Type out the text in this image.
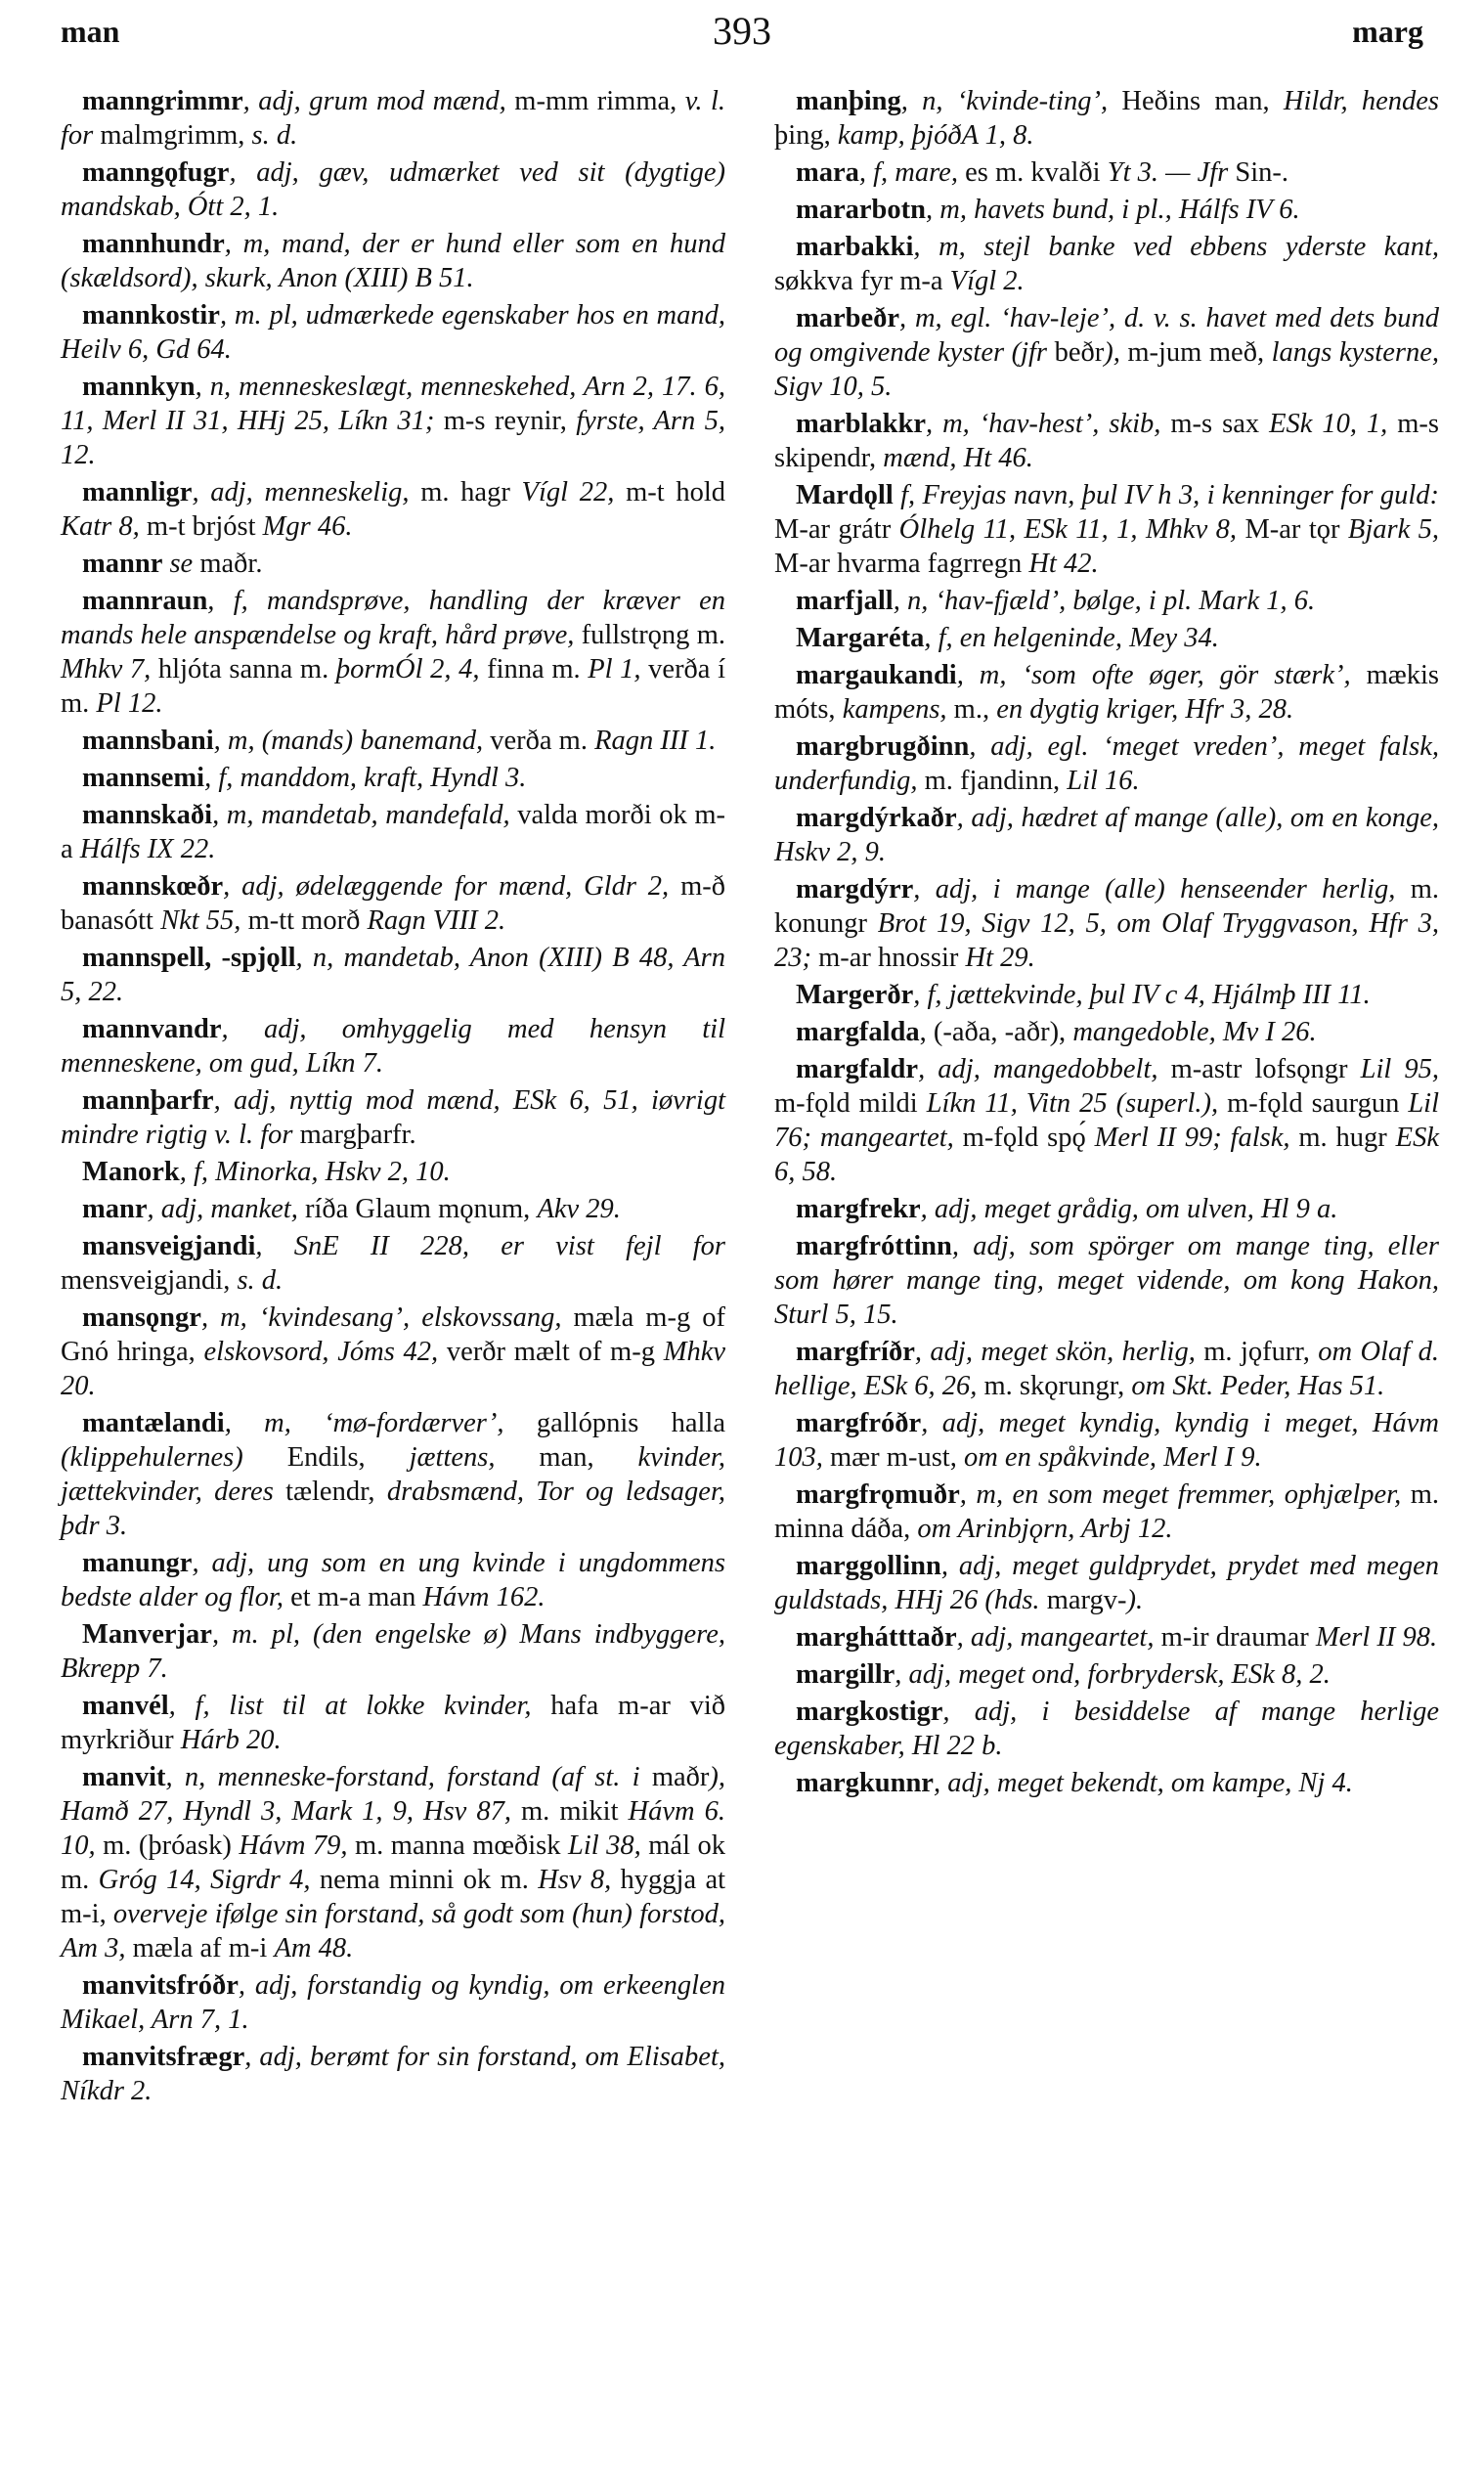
man	393	marg

manngrimmr, adj, grum mod mænd, m-mm rimma, v. l. for malmgrimm, s. d.

manngǫfugr, adj, gæv, udmærket ved sit (dygtige) mandskab, Ótt 2, 1.

mannhundr, m, mand, der er hund eller som en hund (skældsord), skurk, Anon (XIII) B 51.

mannkostir, m. pl, udmærkede egenskaber hos en mand, Heilv 6, Gd 64.

mannkyn, n, menneskeslægt, menneskehed, Arn 2, 17. 6, 11, Merl II 31, HHj 25, Líkn 31; m-s reynir, fyrste, Arn 5, 12.

mannligr, adj, menneskelig, m. hagr Vígl 22, m-t hold Katr 8, m-t brjóst Mgr 46.

mannr se maðr.

mannraun, f, mandsprøve, handling der kræver en mands hele anspændelse og kraft, hård prøve, fullstrǫng m. Mhkv 7, hljóta sanna m. þormÓl 2, 4, finna m. Pl 1, verða í m. Pl 12.

mannsbani, m, (mands) banemand, verða m. Ragn III 1.

mannsemi, f, manddom, kraft, Hyndl 3.

mannskaði, m, mandetab, mandefald, valda morði ok m-a Hálfs IX 22.

mannskœðr, adj, ødelæggende for mænd, Gldr 2, m-ð banasótt Nkt 55, m-tt morð Ragn VIII 2.

mannspell, -spjǫll, n, mandetab, Anon (XIII) B 48, Arn 5, 22.

mannvandr, adj, omhyggelig med hensyn til menneskene, om gud, Líkn 7.

mannþarfr, adj, nyttig mod mænd, ESk 6, 51, iøvrigt mindre rigtig v. l. for margþarfr.

Manork, f, Minorka, Hskv 2, 10.

manr, adj, manket, ríða Glaum mǫnum, Akv 29.

mansveigjandi, SnE II 228, er vist fejl for mensveigjandi, s. d.

mansǫngr, m, ‘kvindesang’, elskovssang, mæla m-g of Gnó hringa, elskovsord, Jóms 42, verðr mælt of m-g Mhkv 20.

mantælandi, m, ‘mø-fordærver’, gallópnis halla (klippehulernes) Endils, jættens, man, kvinder, jættekvinder, deres tælendr, drabsmænd, Tor og ledsager, þdr 3.

manungr, adj, ung som en ung kvinde i ungdommens bedste alder og flor, et m-a man Hávm 162.

Manverjar, m. pl, (den engelske ø) Mans indbyggere, Bkrepp 7.

manvél, f, list til at lokke kvinder, hafa m-ar við myrkriður Hárb 20.

manvit, n, menneske-forstand, forstand (af st. i maðr), Hamð 27, Hyndl 3, Mark 1, 9, Hsv 87, m. mikit Hávm 6. 10, m. (þróask) Hávm 79, m. manna mœðisk Lil 38, mál ok m. Gróg 14, Sigrdr 4, nema minni ok m. Hsv 8, hyggja at m-i, overveje ifølge sin forstand, så godt som (hun) forstod, Am 3, mæla af m-i Am 48.

manvitsfróðr, adj, forstandig og kyndig, om erkeenglen Mikael, Arn 7, 1.

manvitsfrægr, adj, berømt for sin forstand, om Elisabet, Níkdr 2.

manþing, n, ‘kvinde-ting’, Heðins man, Hildr, hendes þing, kamp, þjóðA 1, 8.

mara, f, mare, es m. kvalði Yt 3. — Jfr Sin-.

mararbotn, m, havets bund, i pl., Hálfs IV 6.

marbakki, m, stejl banke ved ebbens yderste kant, søkkva fyr m-a Vígl 2.

marbeðr, m, egl. ‘hav-leje’, d. v. s. havet med dets bund og omgivende kyster (jfr beðr), m-jum með, langs kysterne, Sigv 10, 5.

marblakkr, m, ‘hav-hest’, skib, m-s sax ESk 10, 1, m-s skipendr, mænd, Ht 46.

Mardǫll f, Freyjas navn, þul IV h 3, i kenninger for guld: M-ar grátr Ólhelg 11, ESk 11, 1, Mhkv 8, M-ar tǫr Bjark 5, M-ar hvarma fagrregn Ht 42.

marfjall, n, ‘hav-fjæld’, bølge, i pl. Mark 1, 6.

Margaréta, f, en helgeninde, Mey 34.

margaukandi, m, ‘som ofte øger, gör stærk’, mækis móts, kampens, m., en dygtig kriger, Hfr 3, 28.

margbrugðinn, adj, egl. ‘meget vreden’, meget falsk, underfundig, m. fjandinn, Lil 16.

margdýrkaðr, adj, hædret af mange (alle), om en konge, Hskv 2, 9.

margdýrr, adj, i mange (alle) henseender herlig, m. konungr Brot 19, Sigv 12, 5, om Olaf Tryggvason, Hfr 3, 23; m-ar hnossir Ht 29.

Margerðr, f, jættekvinde, þul IV c 4, Hjálmþ III 11.

margfalda, (-aða, -aðr), mangedoble, Mv I 26.

margfaldr, adj, mangedobbelt, m-astr lofsǫngr Lil 95, m-fǫld mildi Líkn 11, Vitn 25 (superl.), m-fǫld saurgun Lil 76; mangeartet, m-fǫld spǫ́ Merl II 99; falsk, m. hugr ESk 6, 58.

margfrekr, adj, meget grådig, om ulven, Hl 9 a.

margfróttinn, adj, som spörger om mange ting, eller som hører mange ting, meget vidende, om kong Hakon, Sturl 5, 15.

margfríðr, adj, meget skön, herlig, m. jǫfurr, om Olaf d. hellige, ESk 6, 26, m. skǫrungr, om Skt. Peder, Has 51.

margfróðr, adj, meget kyndig, kyndig i meget, Hávm 103, mær m-ust, om en spåkvinde, Merl I 9.

margfrǫmuðr, m, en som meget fremmer, ophjælper, m. minna dáða, om Arinbjǫrn, Arbj 12.

marggollinn, adj, meget guldprydet, prydet med megen guldstads, HHj 26 (hds. margv-).

marghátttaðr, adj, mangeartet, m-ir draumar Merl II 98.

margillr, adj, meget ond, forbrydersk, ESk 8, 2.

margkostigr, adj, i besiddelse af mange herlige egenskaber, Hl 22 b.

margkunnr, adj, meget bekendt, om kampe, Nj 4.
